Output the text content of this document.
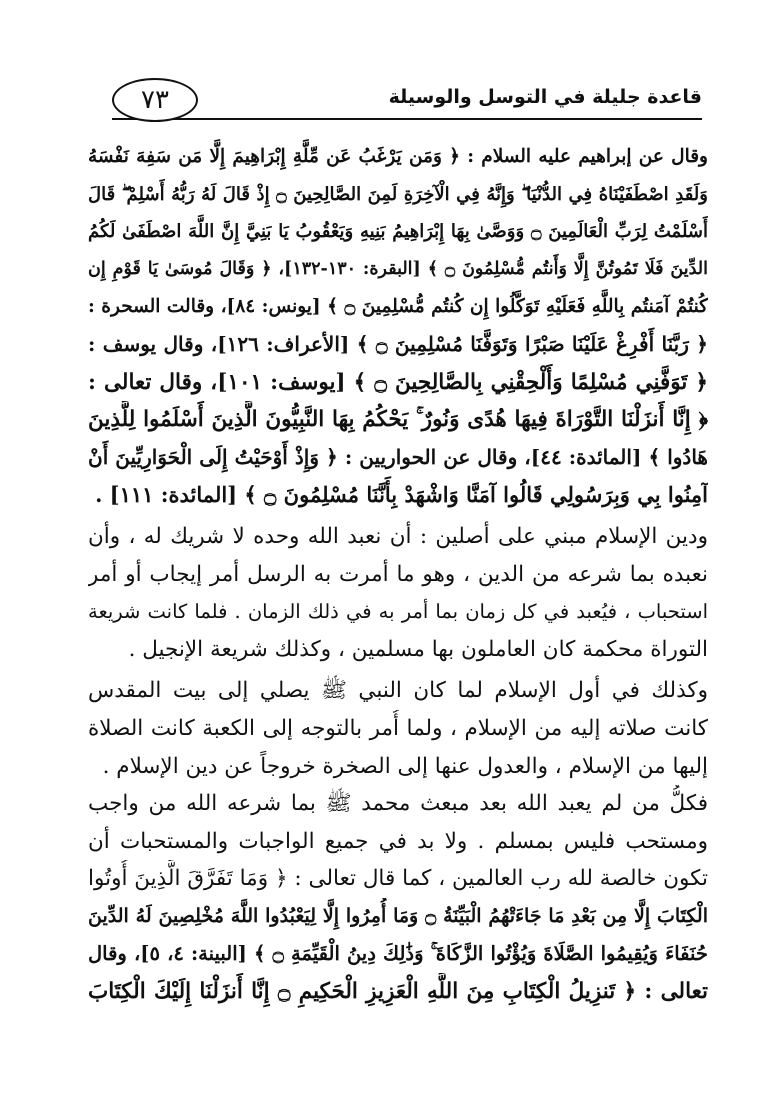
قاعدة جليلة في التوسل والوسيلة
٧٣
وقال عن إبراهيم عليه السلام : ﴿ وَمَن يَرْغَبُ عَن مِّلَّةِ إِبْرَاهِيمَ إِلَّا مَن سَفِهَ نَفْسَهُ
وَلَقَدِ اصْطَفَيْنَاهُ فِي الدُّنْيَا ۖ وَإِنَّهُ فِي الْآخِرَةِ لَمِنَ الصَّالِحِينَ ۝ إِذْ قَالَ لَهُ رَبُّهُ أَسْلِمْ ۖ قَالَ
أَسْلَمْتُ لِرَبِّ الْعَالَمِينَ ۝ وَوَصَّىٰ بِهَا إِبْرَاهِيمُ بَنِيهِ وَيَعْقُوبُ يَا بَنِيَّ إِنَّ اللَّهَ اصْطَفَىٰ لَكُمُ
الدِّينَ فَلَا تَمُوتُنَّ إِلَّا وَأَنتُم مُّسْلِمُونَ ۝ ﴾ [البقرة: ١٣٠-١٣٢]، ﴿ وَقَالَ مُوسَىٰ يَا قَوْمِ إِن
كُنتُمْ آمَنتُم بِاللَّهِ فَعَلَيْهِ تَوَكَّلُوا إِن كُنتُم مُّسْلِمِينَ ۝ ﴾ [يونس: ٨٤]، وقالت السحرة :
﴿ رَبَّنَا أَفْرِغْ عَلَيْنَا صَبْرًا وَتَوَفَّنَا مُسْلِمِينَ ۝ ﴾ [الأعراف: ١٢٦]، وقال يوسف :
﴿ تَوَفَّنِي مُسْلِمًا وَأَلْحِقْنِي بِالصَّالِحِينَ ۝ ﴾ [يوسف: ١٠١]، وقال تعالى :
﴿ إِنَّا أَنزَلْنَا التَّوْرَاةَ فِيهَا هُدًى وَنُورٌ ۚ يَحْكُمُ بِهَا النَّبِيُّونَ الَّذِينَ أَسْلَمُوا لِلَّذِينَ
هَادُوا ﴾ [المائدة: ٤٤]، وقال عن الحواريين : ﴿ وَإِذْ أَوْحَيْتُ إِلَى الْحَوَارِيِّينَ أَنْ
آمِنُوا بِي وَبِرَسُولِي قَالُوا آمَنَّا وَاشْهَدْ بِأَنَّنَا مُسْلِمُونَ ۝ ﴾ [المائدة: ١١١] .
ودين الإسلام مبني على أصلين : أن نعبد الله وحده لا شريك له ، وأن
نعبده بما شرعه من الدين ، وهو ما أمرت به الرسل أمر إيجاب أو أمر
استحباب ، فيُعبد في كل زمان بما أمر به في ذلك الزمان . فلما كانت شريعة
التوراة محكمة كان العاملون بها مسلمين ، وكذلك شريعة الإنجيل .
وكذلك في أول الإسلام لما كان النبي ﷺ يصلي إلى بيت المقدس
كانت صلاته إليه من الإسلام ، ولما أُمر بالتوجه إلى الكعبة كانت الصلاة
إليها من الإسلام ، والعدول عنها إلى الصخرة خروجاً عن دين الإسلام .
فكلُّ من لم يعبد الله بعد مبعث محمد ﷺ بما شرعه الله من واجب
ومستحب فليس بمسلم . ولا بد في جميع الواجبات والمستحبات أن
تكون خالصة لله رب العالمين ، كما قال تعالى : ﴿ وَمَا تَفَرَّقَ الَّذِينَ أُوتُوا
الْكِتَابَ إِلَّا مِن بَعْدِ مَا جَاءَتْهُمُ الْبَيِّنَةُ ۝ وَمَا أُمِرُوا إِلَّا لِيَعْبُدُوا اللَّهَ مُخْلِصِينَ لَهُ الدِّينَ
حُنَفَاءَ وَيُقِيمُوا الصَّلَاةَ وَيُؤْتُوا الزَّكَاةَ ۚ وَذَٰلِكَ دِينُ الْقَيِّمَةِ ۝ ﴾ [البينة: ٤، ٥]، وقال
تعالى : ﴿ تَنزِيلُ الْكِتَابِ مِنَ اللَّهِ الْعَزِيزِ الْحَكِيمِ ۝ إِنَّا أَنزَلْنَا إِلَيْكَ الْكِتَابَ
